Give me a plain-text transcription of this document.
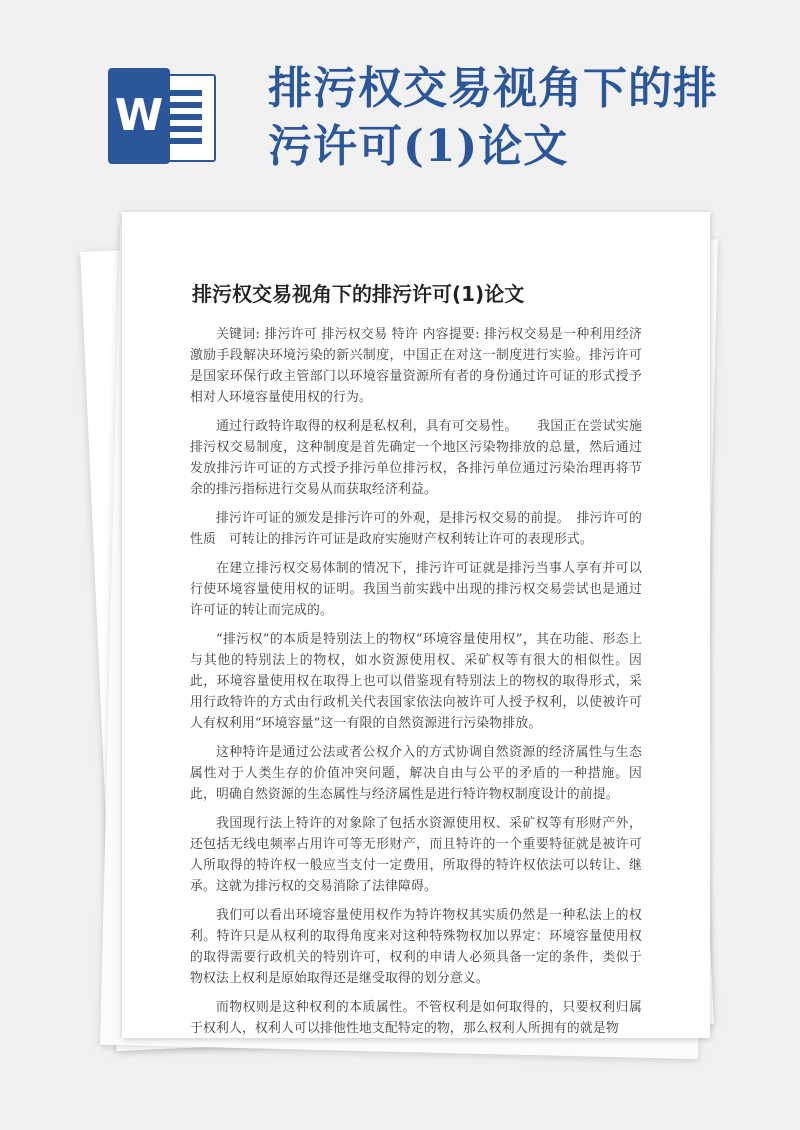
W
排污权交易视角下的排污许可(1)论文
排污权交易视角下的排污许可(1)论文

关键词: 排污许可 排污权交易 特许 内容提要: 排污权交易是一种利用经济激励手段解决环境污染的新兴制度，中国正在对这一制度进行实验。排污许可是国家环保行政主管部门以环境容量资源所有者的身份通过许可证的形式授予相对人环境容量使用权的行为。

通过行政特许取得的权利是私权利，具有可交易性。　　我国正在尝试实施排污权交易制度，这种制度是首先确定一个地区污染物排放的总量，然后通过发放排污许可证的方式授予排污单位排污权，各排污单位通过污染治理再将节余的排污指标进行交易从而获取经济利益。

排污许可证的颁发是排污许可的外观，是排污权交易的前提。　排污许可的性质　可转让的排污许可证是政府实施财产权利转让许可的表现形式。

在建立排污权交易体制的情况下，排污许可证就是排污当事人享有并可以行使环境容量使用权的证明。我国当前实践中出现的排污权交易尝试也是通过许可证的转让而完成的。

“排污权”的本质是特别法上的物权“环境容量使用权”，其在功能、形态上与其他的特别法上的物权，如水资源使用权、采矿权等有很大的相似性。因此，环境容量使用权在取得上也可以借鉴现有特别法上的物权的取得形式，采用行政特许的方式由行政机关代表国家依法向被许可人授予权利，以使被许可人有权利用“环境容量”这一有限的自然资源进行污染物排放。

这种特许是通过公法或者公权介入的方式协调自然资源的经济属性与生态属性对于人类生存的价值冲突问题，解决自由与公平的矛盾的一种措施。因此，明确自然资源的生态属性与经济属性是进行特许物权制度设计的前提。

我国现行法上特许的对象除了包括水资源使用权、采矿权等有形财产外，还包括无线电频率占用许可等无形财产，而且特许的一个重要特征就是被许可人所取得的特许权一般应当支付一定费用，所取得的特许权依法可以转让、继承。这就为排污权的交易消除了法律障碍。

我们可以看出环境容量使用权作为特许物权其实质仍然是一种私法上的权利。特许只是从权利的取得角度来对这种特殊物权加以界定：环境容量使用权的取得需要行政机关的特别许可，权利的申请人必须具备一定的条件，类似于物权法上权利是原始取得还是继受取得的划分意义。

而物权则是这种权利的本质属性。不管权利是如何取得的，只要权利归属于权利人，权利人可以排他性地支配特定的物，那么权利人所拥有的就是物
